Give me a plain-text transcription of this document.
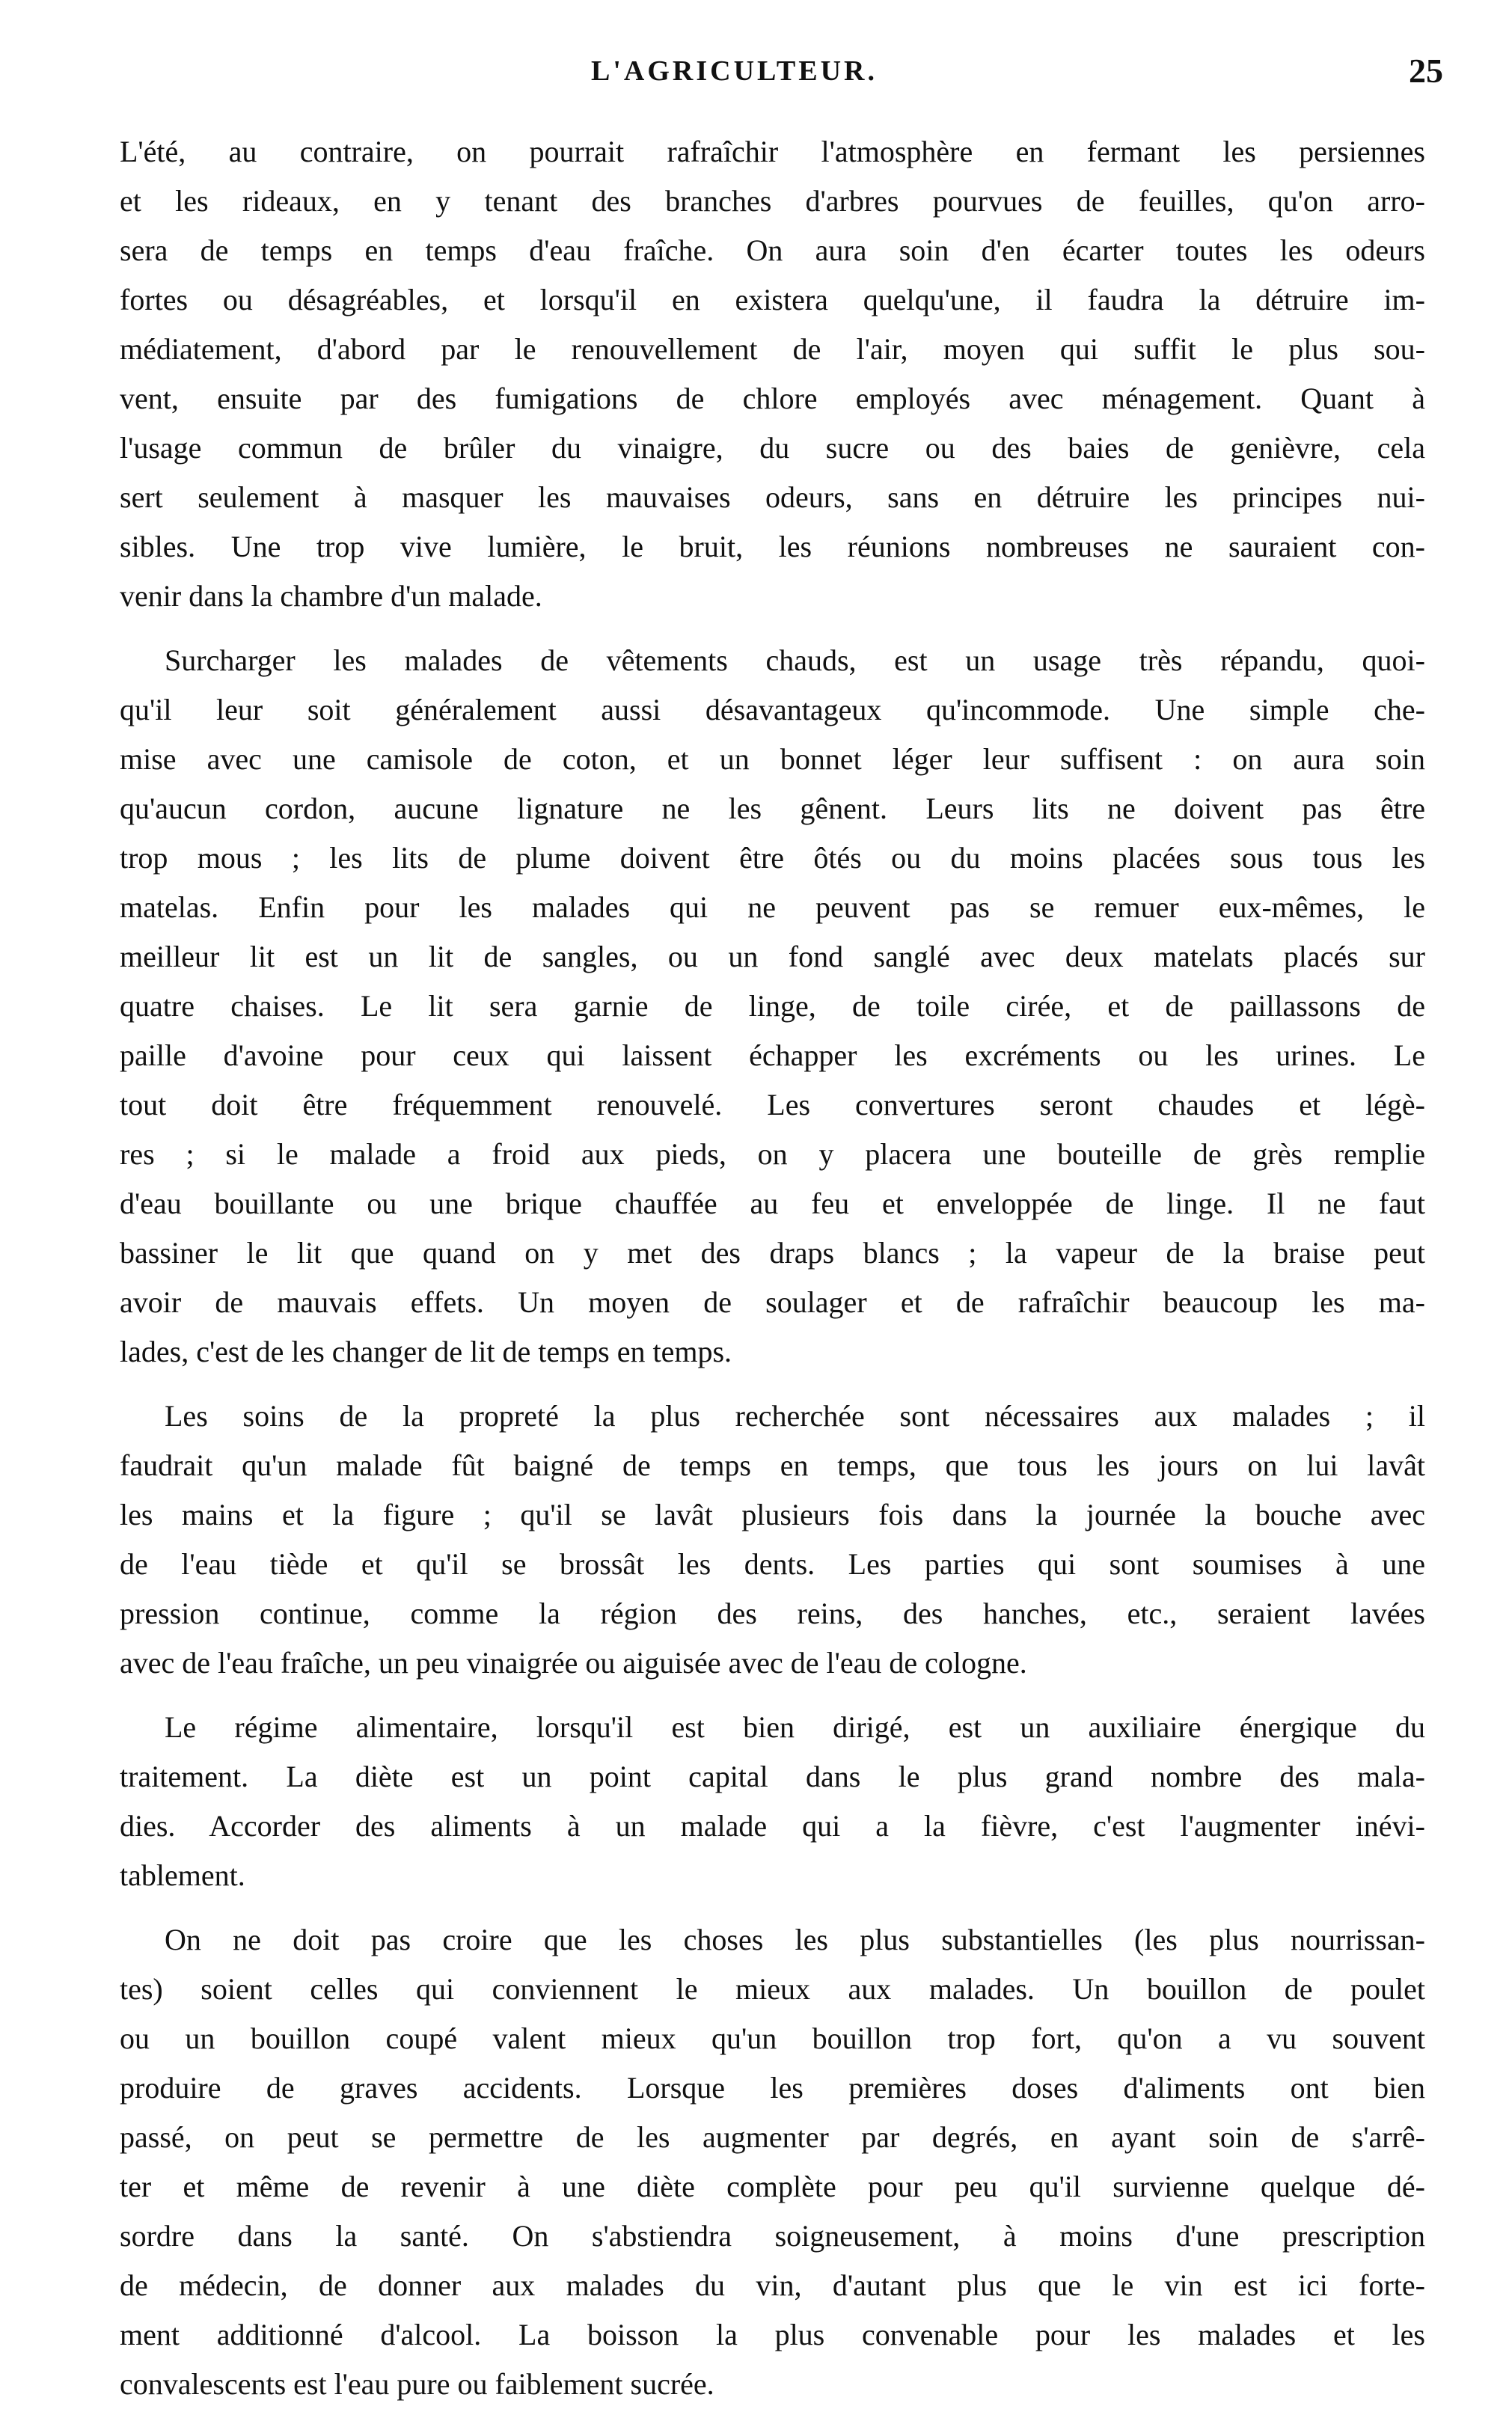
L'AGRICULTEUR.	25
L'été, au contraire, on pourrait rafraîchir l'atmosphère en fermant les persiennes
et les rideaux, en y tenant des branches d'arbres pourvues de feuilles, qu'on arro-
sera de temps en temps d'eau fraîche. On aura soin d'en écarter toutes les odeurs
fortes ou désagréables, et lorsqu'il en existera quelqu'une, il faudra la détruire im-
médiatement, d'abord par le renouvellement de l'air, moyen qui suffit le plus sou-
vent, ensuite par des fumigations de chlore employés avec ménagement. Quant à
l'usage commun de brûler du vinaigre, du sucre ou des baies de genièvre, cela
sert seulement à masquer les mauvaises odeurs, sans en détruire les principes nui-
sibles. Une trop vive lumière, le bruit, les réunions nombreuses ne sauraient con-
venir dans la chambre d'un malade.
Surcharger les malades de vêtements chauds, est un usage très répandu, quoi-
qu'il leur soit généralement aussi désavantageux qu'incommode. Une simple che-
mise avec une camisole de coton, et un bonnet léger leur suffisent : on aura soin
qu'aucun cordon, aucune lignature ne les gênent. Leurs lits ne doivent pas être
trop mous ; les lits de plume doivent être ôtés ou du moins placées sous tous les
matelas. Enfin pour les malades qui ne peuvent pas se remuer eux-mêmes, le
meilleur lit est un lit de sangles, ou un fond sanglé avec deux matelats placés sur
quatre chaises. Le lit sera garnie de linge, de toile cirée, et de paillassons de
paille d'avoine pour ceux qui laissent échapper les excréments ou les urines. Le
tout doit être fréquemment renouvelé. Les convertures seront chaudes et légè-
res ; si le malade a froid aux pieds, on y placera une bouteille de grès remplie
d'eau bouillante ou une brique chauffée au feu et enveloppée de linge. Il ne faut
bassiner le lit que quand on y met des draps blancs ; la vapeur de la braise peut
avoir de mauvais effets. Un moyen de soulager et de rafraîchir beaucoup les ma-
lades, c'est de les changer de lit de temps en temps.
Les soins de la propreté la plus recherchée sont nécessaires aux malades ; il
faudrait qu'un malade fût baigné de temps en temps, que tous les jours on lui lavât
les mains et la figure ; qu'il se lavât plusieurs fois dans la journée la bouche avec
de l'eau tiède et qu'il se brossât les dents. Les parties qui sont soumises à une
pression continue, comme la région des reins, des hanches, etc., seraient lavées
avec de l'eau fraîche, un peu vinaigrée ou aiguisée avec de l'eau de cologne.
Le régime alimentaire, lorsqu'il est bien dirigé, est un auxiliaire énergique du
traitement. La diète est un point capital dans le plus grand nombre des mala-
dies. Accorder des aliments à un malade qui a la fièvre, c'est l'augmenter inévi-
tablement.
On ne doit pas croire que les choses les plus substantielles (les plus nourrissan-
tes) soient celles qui conviennent le mieux aux malades. Un bouillon de poulet
ou un bouillon coupé valent mieux qu'un bouillon trop fort, qu'on a vu souvent
produire de graves accidents. Lorsque les premières doses d'aliments ont bien
passé, on peut se permettre de les augmenter par degrés, en ayant soin de s'arrê-
ter et même de revenir à une diète complète pour peu qu'il survienne quelque dé-
sordre dans la santé. On s'abstiendra soigneusement, à moins d'une prescription
de médecin, de donner aux malades du vin, d'autant plus que le vin est ici forte-
ment additionné d'alcool. La boisson la plus convenable pour les malades et les
convalescents est l'eau pure ou faiblement sucrée.
